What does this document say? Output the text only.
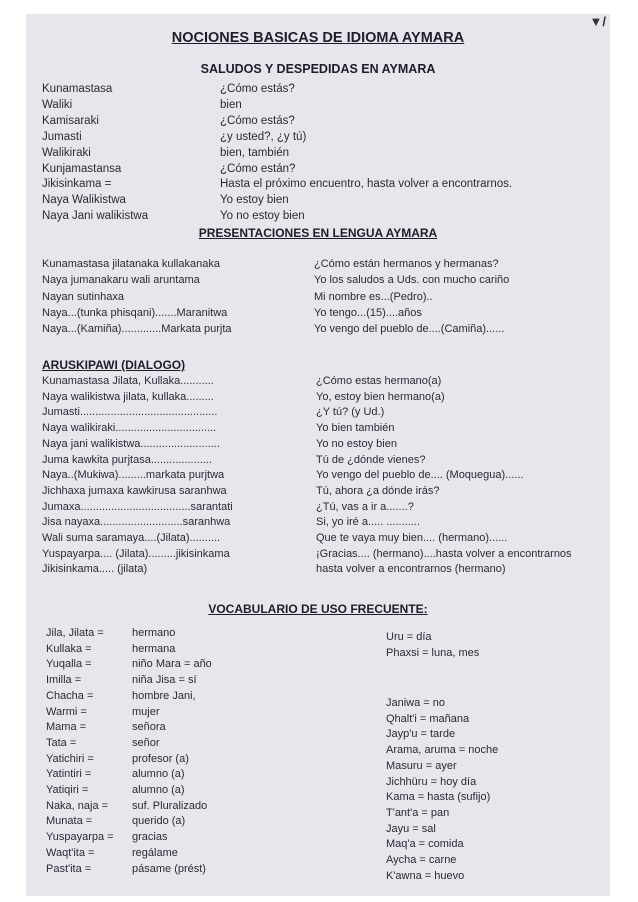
▼/
NOCIONES BASICAS DE IDIOMA AYMARA
SALUDOS Y DESPEDIDAS EN AYMARA
Kunamastasa	¿Cómo estás?
Waliki	bien
Kamisaraki	¿Cómo estás?
Jumasti	¿y usted?, ¿y tú)
Walikiraki	bien, también
Kunjamastansa	¿Cómo están?
Jikisinkama =	Hasta el próximo encuentro, hasta volver a encontrarnos.
Naya Walikistwa	Yo estoy bien
Naya Jani walikistwa	Yo no estoy bien
PRESENTACIONES EN LENGUA AYMARA
Kunamastasa jilatanaka kullakanaka	¿Cómo están hermanos y hermanas?
Naya jumanakaru wali aruntama	Yo los saludos a Uds. con mucho cariño
Nayan sutinhaxa	Mi nombre es...(Pedro)..
Naya...(tunka phisqani).......Maranitwa	Yo tengo...(15)....años
Naya...(Kamiña).............Markata purjta	Yo vengo del pueblo de....(Camiña)......
ARUSKIPAWI (DIALOGO)
Kunamastasa Jilata, Kullaka...........	¿Cómo estas hermano(a)
Naya walikistwa jilata, kullaka.........	Yo, estoy bien hermano(a)
Jumasti.............................................	¿Y tú? (y Ud.)
Naya walikiraki.................................	Yo bien también
Naya jani walikistwa..........................	Yo no estoy bien
Juma kawkita purjtasa....................	Tú de ¿dónde vienes?
Naya..(Mukiwa).........markata purjtwa	Yo vengo del pueblo de.... (Moquegua)......
Jichhaxa jumaxa kawkirusa saranhwa	Tú, ahora ¿a dónde irás?
Jumaxa....................................sarantati	¿Tú, vas a ir a.......?
Jisa nayaxa...........................saranhwa	Si, yo iré a..... ...........
Wali suma saramaya....(Jilata)..........	Que te vaya muy bien.... (hermano)......
Yuspayarpa.... (Jilata).........jikisinkama	¡Gracias.... (hermano)....hasta volver a encontrarnos
Jikisinkama..... (jilata)	hasta volver a encontrarnos (hermano)
VOCABULARIO DE USO FRECUENTE:
Jila, Jilata =	hermano
Kullaka =	hermana
Yuqalla =	niño Mara = año
Imilla =	niña Jisa = sí
Chacha =	hombre Jani,
Warmi =	mujer
Mama =	señora
Tata =	señor
Yatichiri =	profesor (a)
Yatintiri =	alumno (a)
Yatiqiri =	alumno (a)
Naka, naja = suf. Pluralizado
Munata =	querido (a)
Yuspayarpa = gracias
Waqt'ita =	regálame
Past'ita =	pásame (prést)
Uru = día
Phaxsi = luna, mes
Janiwa = no
Qhalt'i = mañana
Jayp'u = tarde
Arama, aruma = noche
Masuru = ayer
Jichhüru = hoy día
Kama = hasta (sufijo)
T'ant'a = pan
Jayu = sal
Maq'a = comida
Aycha = carne
K'awna = huevo
